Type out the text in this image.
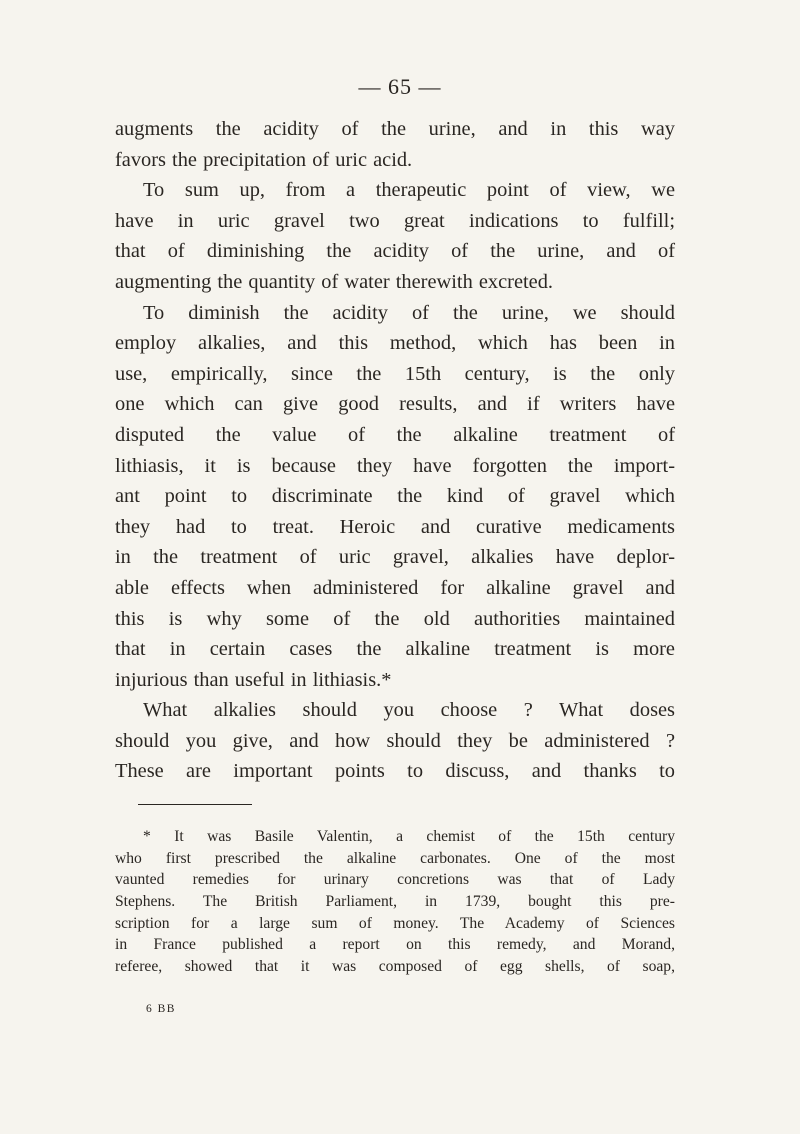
— 65 —
augments the acidity of the urine, and in this way
favors the precipitation of uric acid.
To sum up, from a therapeutic point of view, we
have in uric gravel two great indications to fulfill;
that of diminishing the acidity of the urine, and of
augmenting the quantity of water therewith excreted.
To diminish the acidity of the urine, we should
employ alkalies, and this method, which has been in
use, empirically, since the 15th century, is the only
one which can give good results, and if writers have
disputed the value of the alkaline treatment of
lithiasis, it is because they have forgotten the import-
ant point to discriminate the kind of gravel which
they had to treat. Heroic and curative medicaments
in the treatment of uric gravel, alkalies have deplor-
able effects when administered for alkaline gravel and
this is why some of the old authorities maintained
that in certain cases the alkaline treatment is more
injurious than useful in lithiasis.*
What alkalies should you choose ? What doses
should you give, and how should they be administered ?
These are important points to discuss, and thanks to
* It was Basile Valentin, a chemist of the 15th century
who first prescribed the alkaline carbonates. One of the most
vaunted remedies for urinary concretions was that of Lady
Stephens. The British Parliament, in 1739, bought this pre-
scription for a large sum of money. The Academy of Sciences
in France published a report on this remedy, and Morand,
referee, showed that it was composed of egg shells, of soap,
6 BB
